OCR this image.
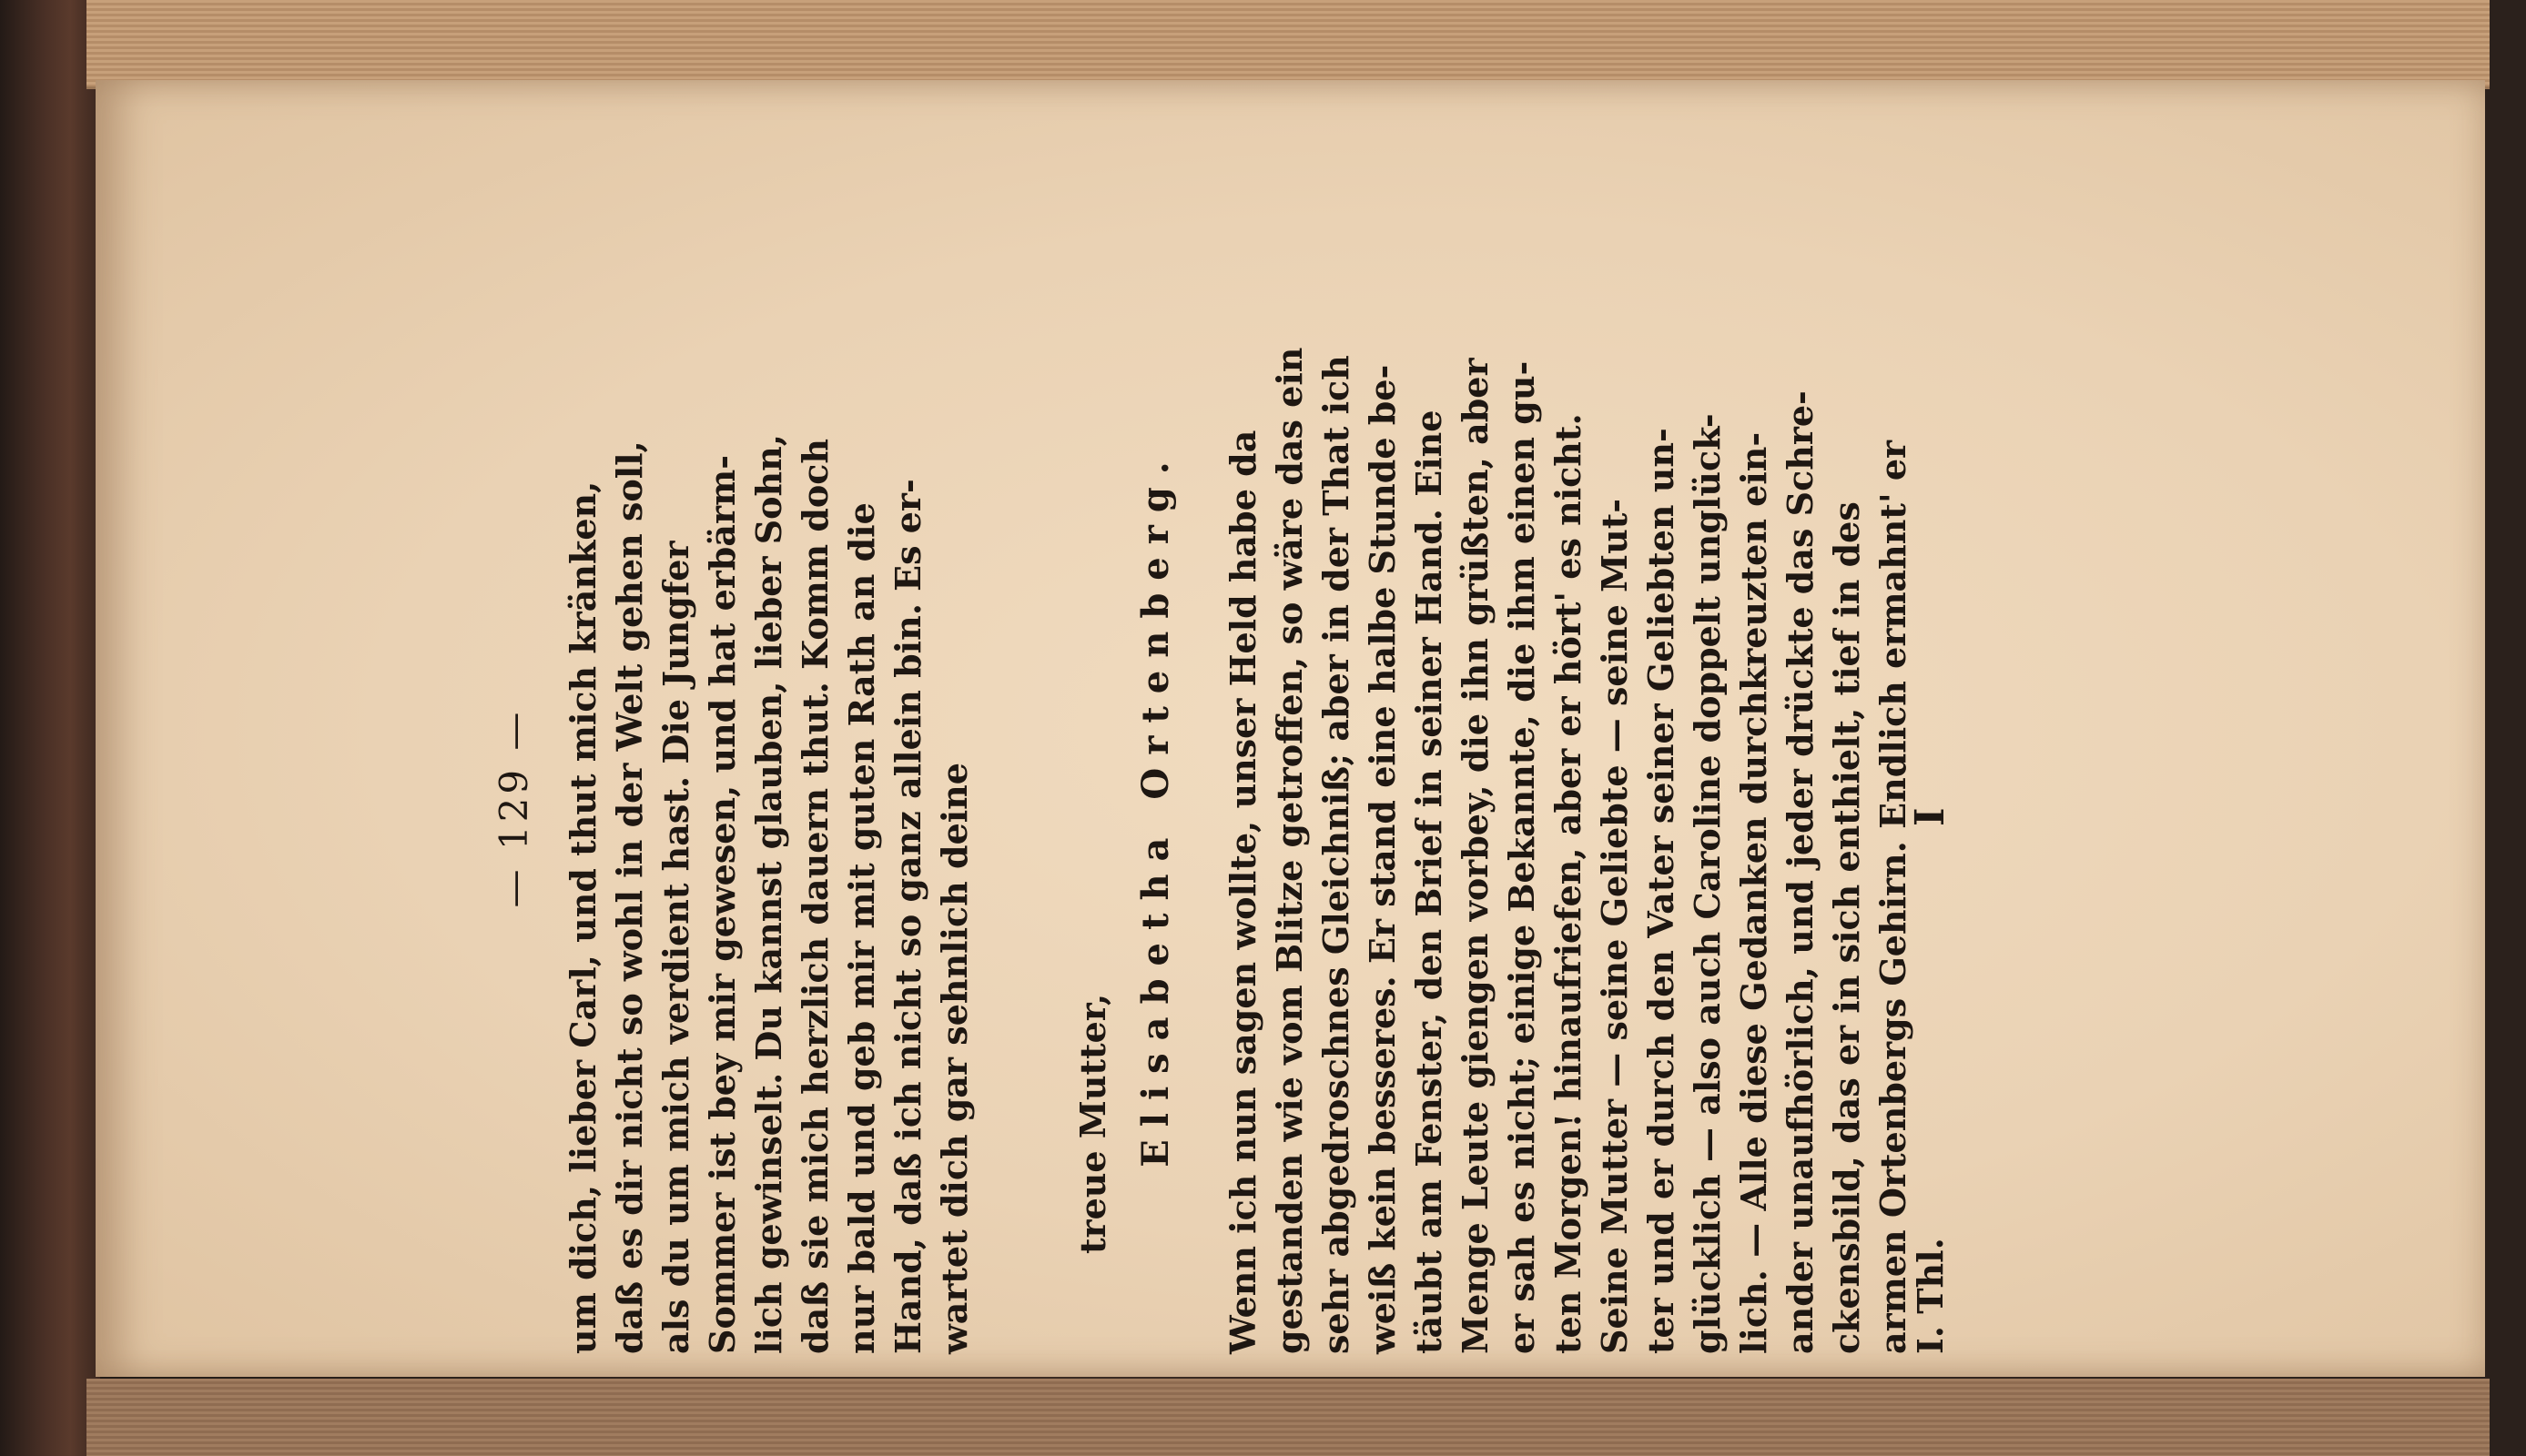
— 129 —
um dich, lieber Carl, und thut mich kränken,
daß es dir nicht so wohl in der Welt gehen soll,
als du um mich verdient hast. Die Jungfer
Sommer ist bey mir gewesen, und hat erbärm-
lich gewinselt. Du kannst glauben, lieber Sohn,
daß sie mich herzlich dauern thut. Komm doch
nur bald und geb mir mit guten Rath an die
Hand, daß ich nicht so ganz allein bin. Es er-
wartet dich gar sehnlich deine
treue Mutter, Elisabetha Ortenberg.
Wenn ich nun sagen wollte, unser Held habe da
gestanden wie vom Blitze getroffen, so wäre das ein
sehr abgedroschnes Gleichniß; aber in der That ich
weiß kein besseres. Er stand eine halbe Stunde be-
täubt am Fenster, den Brief in seiner Hand. Eine
Menge Leute giengen vorbey, die ihn grüßten, aber
er sah es nicht; einige Bekannte, die ihm einen gu-
ten Morgen! hinaufriefen, aber er hört' es nicht.
Seine Mutter — seine Geliebte — seine Mut-
ter und er durch den Vater seiner Geliebten un-
glücklich — also auch Caroline doppelt unglück-
lich. — Alle diese Gedanken durchkreuzten ein-
ander unaufhörlich, und jeder drückte das Schre-
ckensbild, das er in sich enthielt, tief in des
armen Ortenbergs Gehirn. Endlich ermahnt' er
I. Thl.
I
